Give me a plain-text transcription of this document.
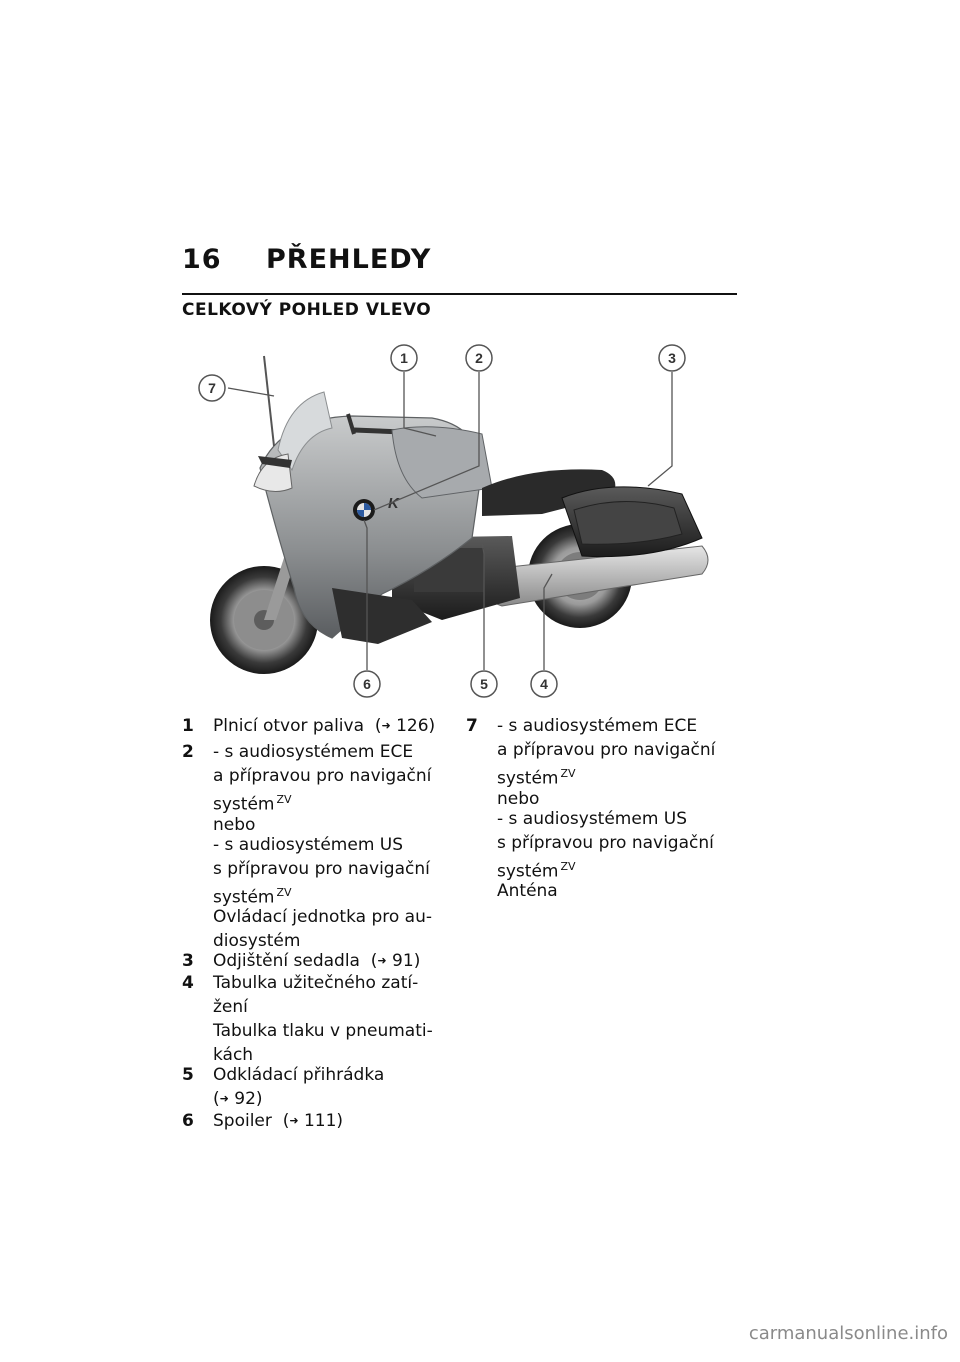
16	PŘEHLEDY
CELKOVÝ POHLED VLEVO
K
7
1	2	3
6	5	4
1	Plnicí otvor paliva (➜ 126)
2	- s audiosystémem ECE
a přípravou pro navigační
systém $^{ZV}$
nebo
- s audiosystémem US
s přípravou pro navigační
systém $^{ZV}$
Ovládací jednotka pro au-
diosystém
3	Odjištění sedadla (➜ 91)
4	Tabulka užitečného zatí-
žení
Tabulka tlaku v pneumati-
kách
5	Odkládací přihrádka
(➜ 92)
6	Spoiler (➜ 111)
7	- s audiosystémem ECE
a přípravou pro navigační
systém $^{ZV}$
nebo
- s audiosystémem US
s přípravou pro navigační
systém $^{ZV}$
Anténa
carmanualsonline.info
